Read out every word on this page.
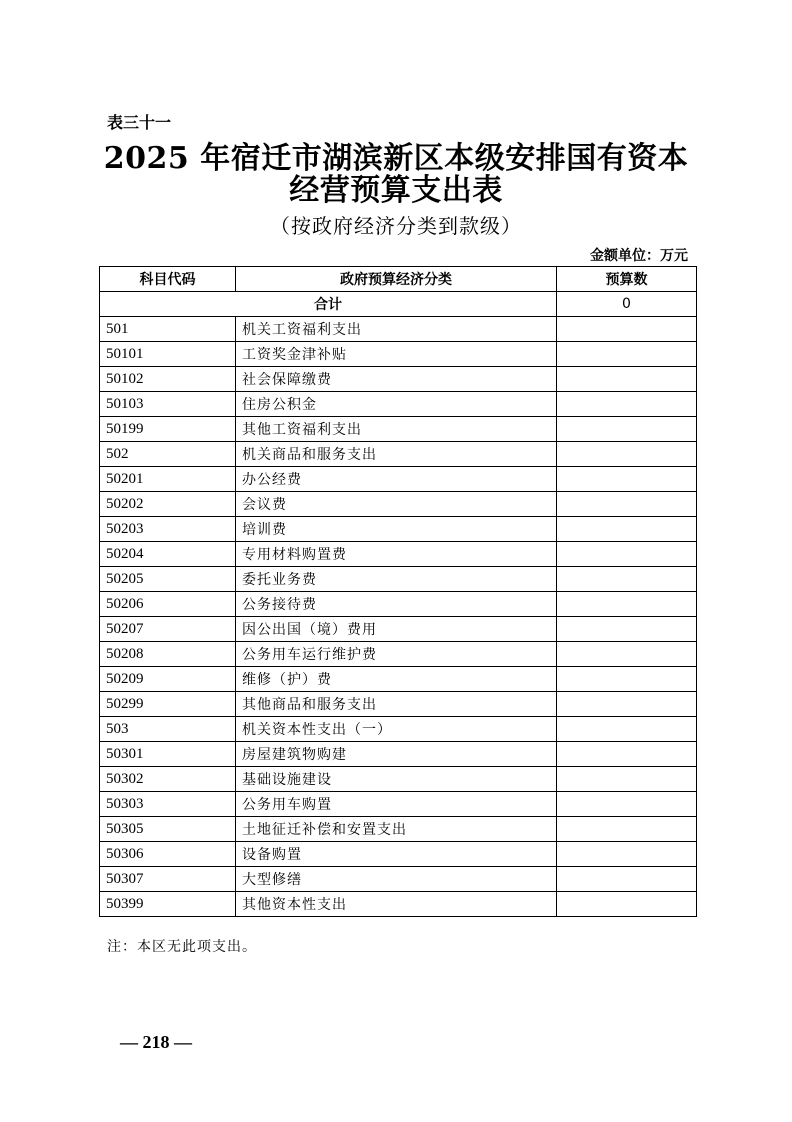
表三十一
2025 年宿迁市湖滨新区本级安排国有资本
经营预算支出表
（按政府经济分类到款级）
金额单位：万元
科目代码	政府预算经济分类	预算数
合计		0
501	机关工资福利支出	
50101	工资奖金津补贴	
50102	社会保障缴费	
50103	住房公积金	
50199	其他工资福利支出	
502	机关商品和服务支出	
50201	办公经费	
50202	会议费	
50203	培训费	
50204	专用材料购置费	
50205	委托业务费	
50206	公务接待费	
50207	因公出国（境）费用	
50208	公务用车运行维护费	
50209	维修（护）费	
50299	其他商品和服务支出	
503	机关资本性支出（一）	
50301	房屋建筑物购建	
50302	基础设施建设	
50303	公务用车购置	
50305	土地征迁补偿和安置支出	
50306	设备购置	
50307	大型修缮	
50399	其他资本性支出	
注：本区无此项支出。
— 218 —
